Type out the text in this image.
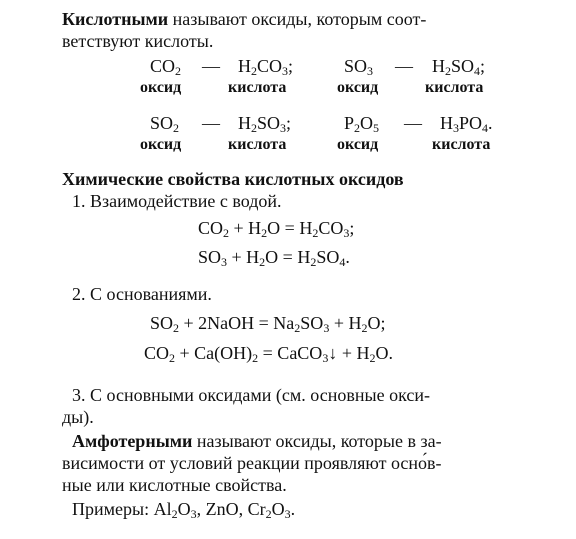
Кислотными называют оксиды, которым соот-
ветствуют кислоты.
$CO_2$ — $H_2CO_3$;	$SO_3$ — $H_2SO_4$;
оксид	кислота	оксид	кислота
$SO_2$ — $H_2SO_3$;	$P_2O_5$ — $H_3PO_4$.
оксид	кислота	оксид	кислота
Химические свойства кислотных оксидов
1. Взаимодействие с водой.
$CO_2 + H_2O = H_2CO_3$;
$SO_3 + H_2O = H_2SO_4$.
2. С основаниями.
$SO_2$ + 2NaOH = $Na_2SO_3 + H_2O$;
$CO_2 + Ca(OH)_2$ = CaCO$_3$↓ + $H_2O$.
3. С основными оксидами (см. основные окси-
ды).
Амфотерными называют оксиды, которые в за-
висимости от условий реакции проявляют осно́в-
ные или кислотные свойства.
Примеры: $Al_2O_3$, ZnO, $Cr_2O_3$.
